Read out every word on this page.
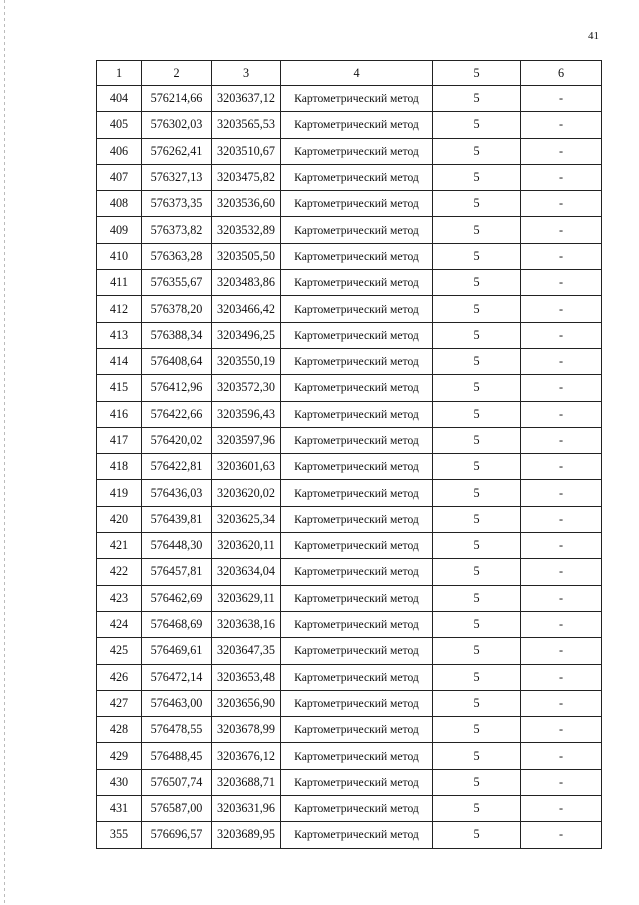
41
1	2	3	4	5	6
404	576214,66	3203637,12	Картометрический метод	5	-
405	576302,03	3203565,53	Картометрический метод	5	-
406	576262,41	3203510,67	Картометрический метод	5	-
407	576327,13	3203475,82	Картометрический метод	5	-
408	576373,35	3203536,60	Картометрический метод	5	-
409	576373,82	3203532,89	Картометрический метод	5	-
410	576363,28	3203505,50	Картометрический метод	5	-
411	576355,67	3203483,86	Картометрический метод	5	-
412	576378,20	3203466,42	Картометрический метод	5	-
413	576388,34	3203496,25	Картометрический метод	5	-
414	576408,64	3203550,19	Картометрический метод	5	-
415	576412,96	3203572,30	Картометрический метод	5	-
416	576422,66	3203596,43	Картометрический метод	5	-
417	576420,02	3203597,96	Картометрический метод	5	-
418	576422,81	3203601,63	Картометрический метод	5	-
419	576436,03	3203620,02	Картометрический метод	5	-
420	576439,81	3203625,34	Картометрический метод	5	-
421	576448,30	3203620,11	Картометрический метод	5	-
422	576457,81	3203634,04	Картометрический метод	5	-
423	576462,69	3203629,11	Картометрический метод	5	-
424	576468,69	3203638,16	Картометрический метод	5	-
425	576469,61	3203647,35	Картометрический метод	5	-
426	576472,14	3203653,48	Картометрический метод	5	-
427	576463,00	3203656,90	Картометрический метод	5	-
428	576478,55	3203678,99	Картометрический метод	5	-
429	576488,45	3203676,12	Картометрический метод	5	-
430	576507,74	3203688,71	Картометрический метод	5	-
431	576587,00	3203631,96	Картометрический метод	5	-
355	576696,57	3203689,95	Картометрический метод	5	-
